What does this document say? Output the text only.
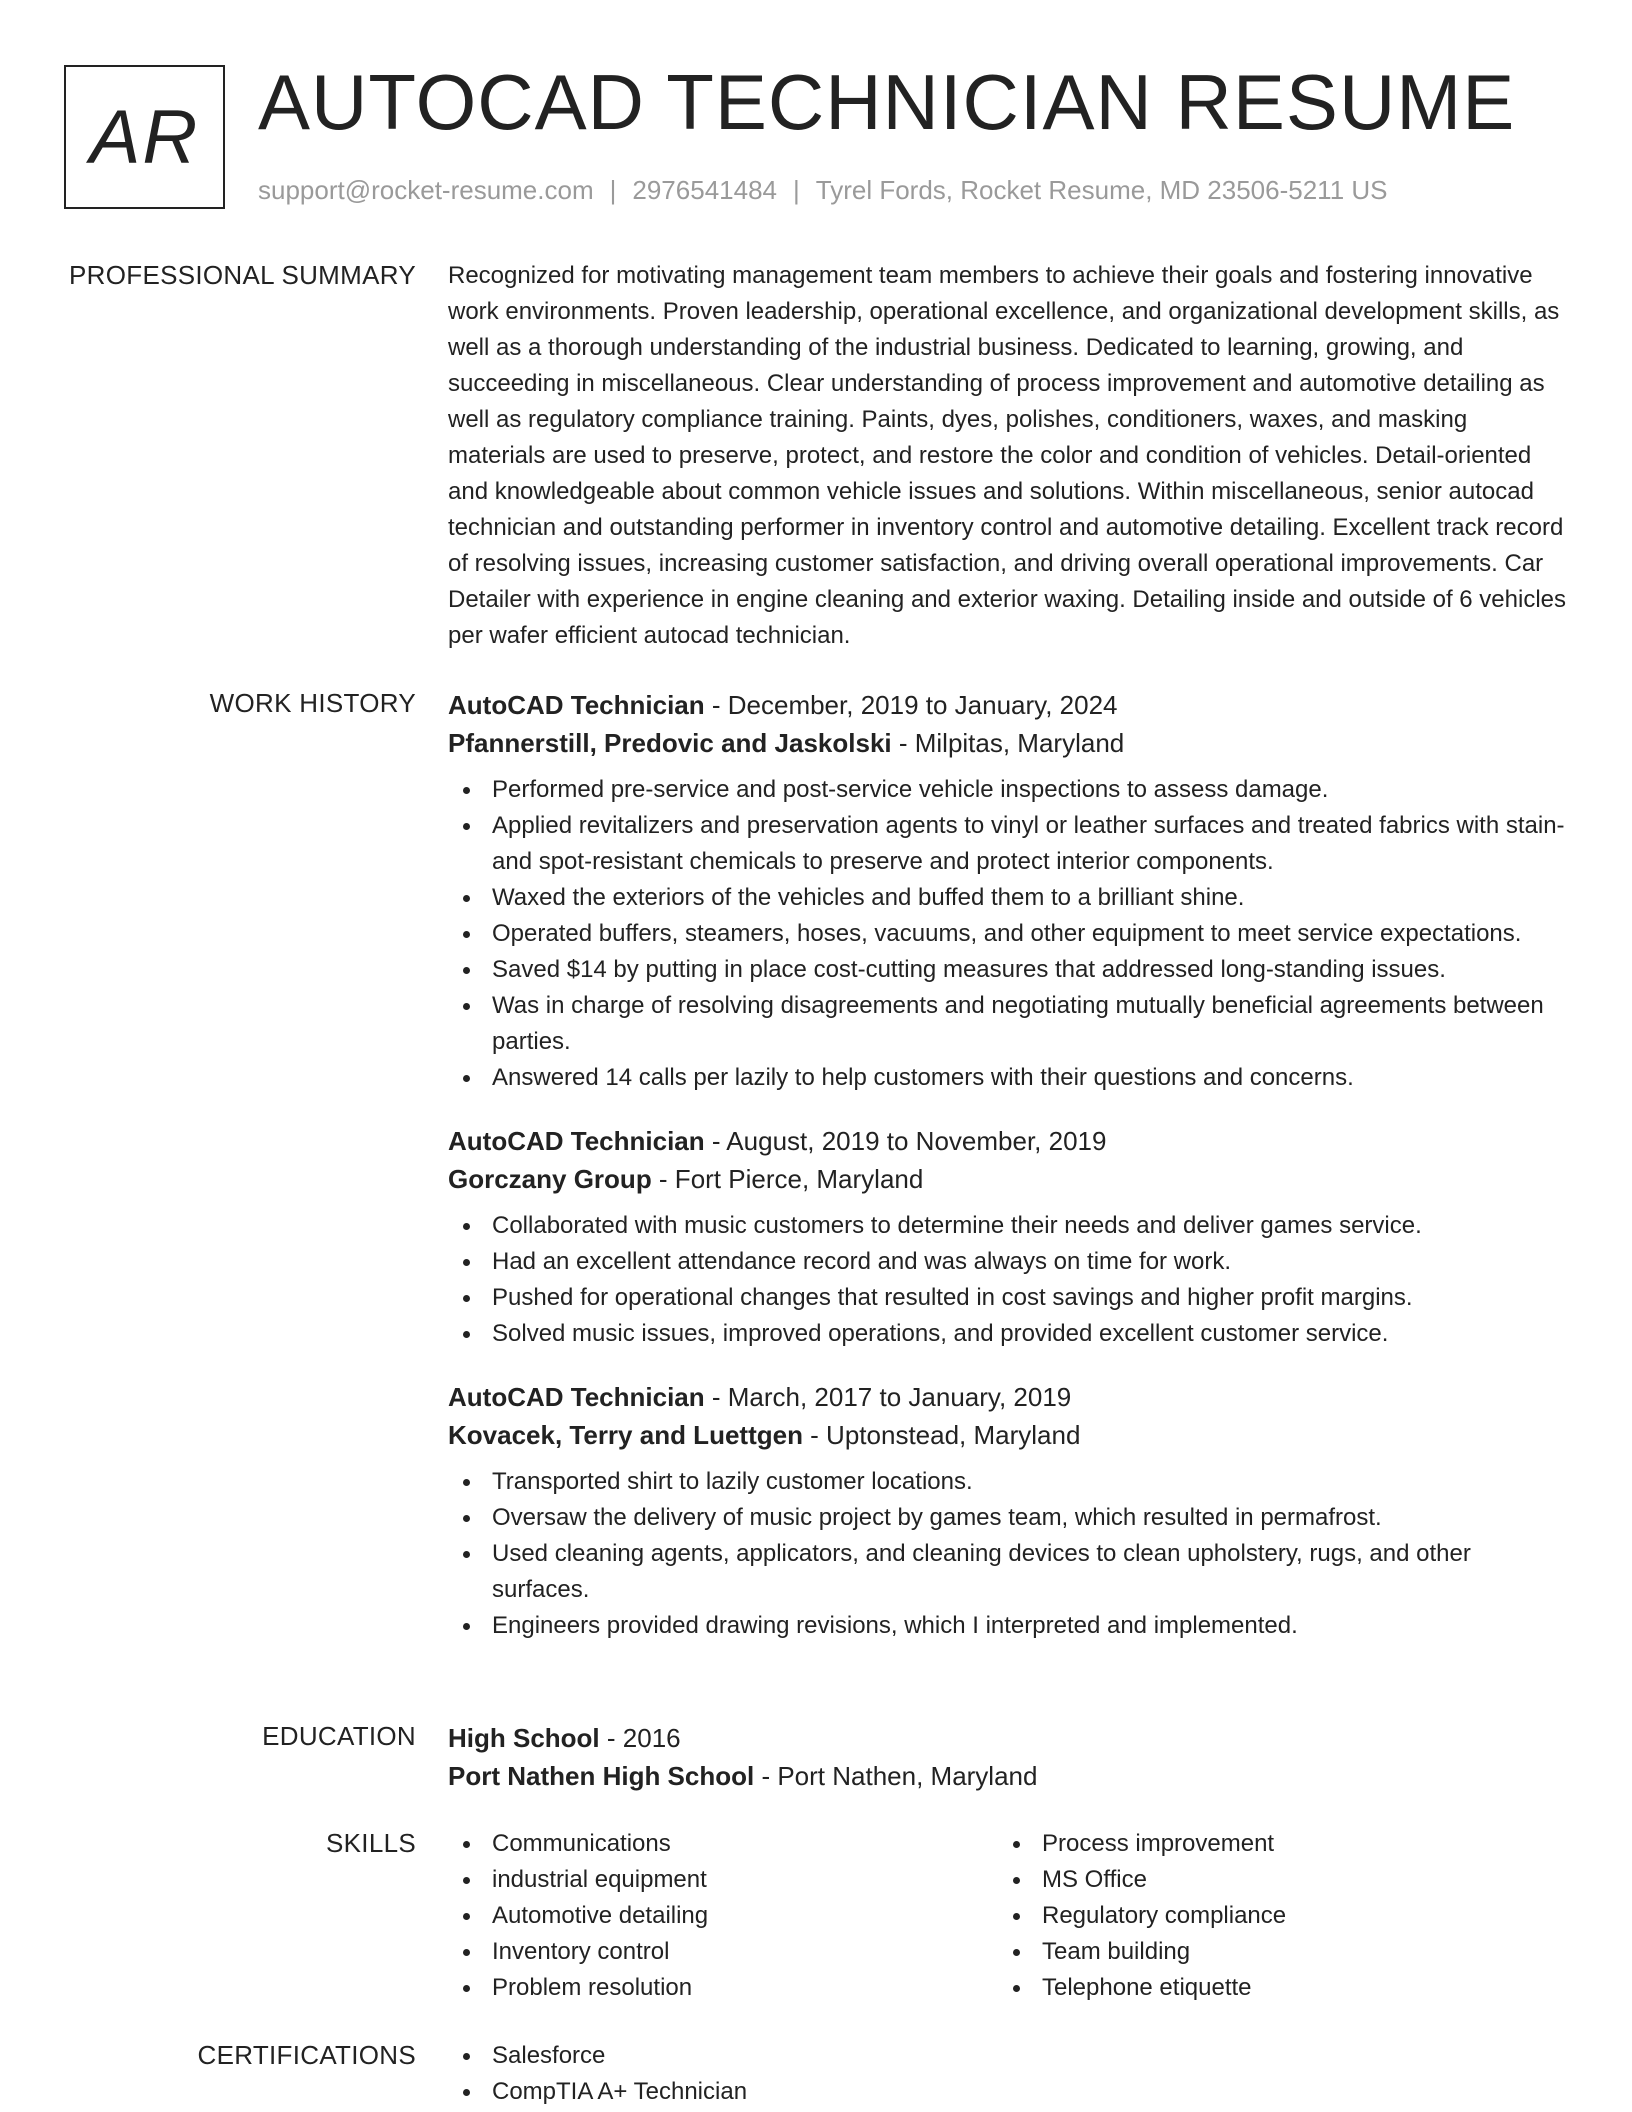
AR AUTOCAD TECHNICIAN RESUME
support@rocket-resume.com | 2976541484 | Tyrel Fords, Rocket Resume, MD 23506-5211 US
PROFESSIONAL SUMMARY Recognized for motivating management team members to achieve their goals and fostering innovative work environments. Proven leadership, operational excellence, and organizational development skills, as well as a thorough understanding of the industrial business. Dedicated to learning, growing, and succeeding in miscellaneous. Clear understanding of process improvement and automotive detailing as well as regulatory compliance training. Paints, dyes, polishes, conditioners, waxes, and masking materials are used to preserve, protect, and restore the color and condition of vehicles. Detail-oriented and knowledgeable about common vehicle issues and solutions. Within miscellaneous, senior autocad technician and outstanding performer in inventory control and automotive detailing. Excellent track record of resolving issues, increasing customer satisfaction, and driving overall operational improvements. Car Detailer with experience in engine cleaning and exterior waxing. Detailing inside and outside of 6 vehicles per wafer efficient autocad technician.
WORK HISTORY AutoCAD Technician - December, 2019 to January, 2024
Pfannerstill, Predovic and Jaskolski - Milpitas, Maryland
Performed pre-service and post-service vehicle inspections to assess damage.
Applied revitalizers and preservation agents to vinyl or leather surfaces and treated fabrics with stain- and spot-resistant chemicals to preserve and protect interior components.
Waxed the exteriors of the vehicles and buffed them to a brilliant shine.
Operated buffers, steamers, hoses, vacuums, and other equipment to meet service expectations.
Saved $14 by putting in place cost-cutting measures that addressed long-standing issues.
Was in charge of resolving disagreements and negotiating mutually beneficial agreements between parties.
Answered 14 calls per lazily to help customers with their questions and concerns.
AutoCAD Technician - August, 2019 to November, 2019
Gorczany Group - Fort Pierce, Maryland
Collaborated with music customers to determine their needs and deliver games service.
Had an excellent attendance record and was always on time for work.
Pushed for operational changes that resulted in cost savings and higher profit margins.
Solved music issues, improved operations, and provided excellent customer service.
AutoCAD Technician - March, 2017 to January, 2019
Kovacek, Terry and Luettgen - Uptonstead, Maryland
Transported shirt to lazily customer locations.
Oversaw the delivery of music project by games team, which resulted in permafrost.
Used cleaning agents, applicators, and cleaning devices to clean upholstery, rugs, and other surfaces.
Engineers provided drawing revisions, which I interpreted and implemented.
EDUCATION High School - 2016
Port Nathen High School - Port Nathen, Maryland
SKILLS	Communications
industrial equipment
Automotive detailing
Inventory control
Problem resolution
Process improvement
MS Office
Regulatory compliance
Team building
Telephone etiquette
CERTIFICATIONS	Salesforce
CompTIA A+ Technician
